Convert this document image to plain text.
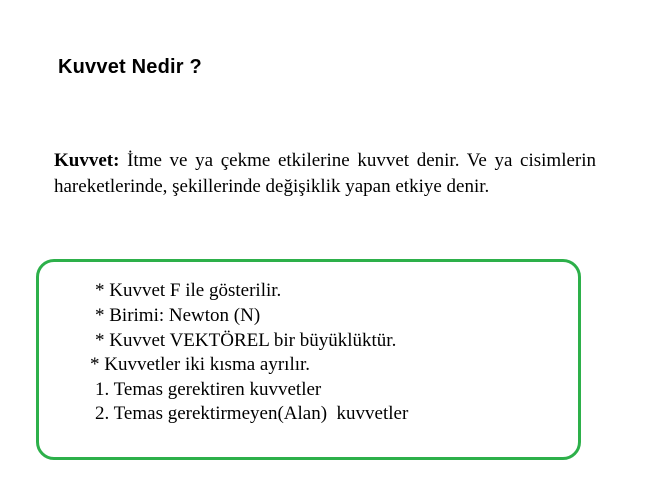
Kuvvet Nedir ?
Kuvvet: İtme ve ya çekme etkilerine kuvvet denir. Ve ya cisimlerin hareketlerinde, şekillerinde değişiklik yapan etkiye denir.
* Kuvvet F ile gösterilir.
* Birimi: Newton (N)
* Kuvvet VEKTÖREL bir büyüklüktür.
* Kuvvetler iki kısma ayrılır.
1. Temas gerektiren kuvvetler
2. Temas gerektirmeyen(Alan)  kuvvetler
